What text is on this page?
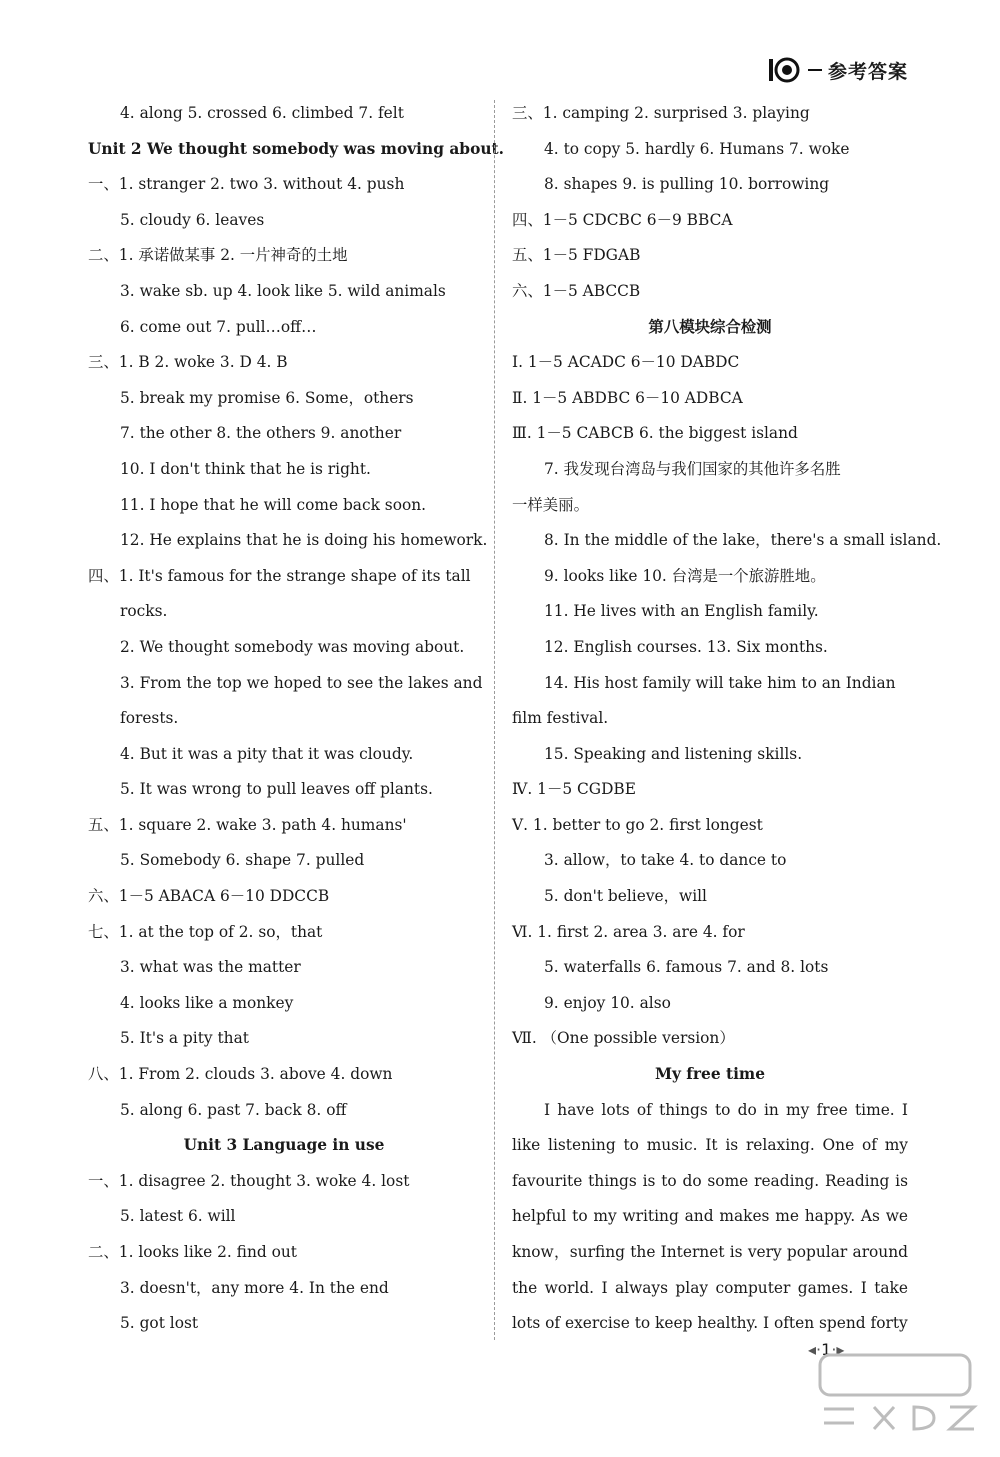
参考答案
4. along 5. crossed 6. climbed 7. felt
Unit 2 We thought somebody was moving about.
一、1. stranger 2. two 3. without 4. push
5. cloudy 6. leaves
二、1. 承诺做某事 2. 一片神奇的土地
3. wake sb. up 4. look like 5. wild animals
6. come out 7. pull…off…
三、1. B 2. woke 3. D 4. B
5. break my promise 6. Some，others
7. the other 8. the others 9. another
10. I don't think that he is right.
11. I hope that he will come back soon.
12. He explains that he is doing his homework.
四、1. It's famous for the strange shape of its tall
rocks.
2. We thought somebody was moving about.
3. From the top we hoped to see the lakes and
forests.
4. But it was a pity that it was cloudy.
5. It was wrong to pull leaves off plants.
五、1. square 2. wake 3. path 4. humans'
5. Somebody 6. shape 7. pulled
六、1－5 ABACA 6－10 DDCCB
七、1. at the top of 2. so，that
3. what was the matter
4. looks like a monkey
5. It's a pity that
八、1. From 2. clouds 3. above 4. down
5. along 6. past 7. back 8. off
Unit 3 Language in use
一、1. disagree 2. thought 3. woke 4. lost
5. latest 6. will
二、1. looks like 2. find out
3. doesn't，any more 4. In the end
5. got lost
三、1. camping 2. surprised 3. playing
4. to copy 5. hardly 6. Humans 7. woke
8. shapes 9. is pulling 10. borrowing
四、1－5 CDCBC 6－9 BBCA
五、1－5 FDGAB
六、1－5 ABCCB
第八模块综合检测
Ⅰ. 1－5 ACADC 6－10 DABDC
Ⅱ. 1－5 ABDBC 6－10 ADBCA
Ⅲ. 1－5 CABCB 6. the biggest island
7. 我发现台湾岛与我们国家的其他许多名胜
一样美丽。
8. In the middle of the lake，there's a small island.
9. looks like 10. 台湾是一个旅游胜地。
11. He lives with an English family.
12. English courses. 13. Six months.
14. His host family will take him to an Indian
film festival.
15. Speaking and listening skills.
Ⅳ. 1－5 CGDBE
Ⅴ. 1. better to go 2. first longest
3. allow，to take 4. to dance to
5. don't believe，will
Ⅵ. 1. first 2. area 3. are 4. for
5. waterfalls 6. famous 7. and 8. lots
9. enjoy 10. also
Ⅶ. （One possible version）
My free time

I have lots of things to do in my free time. I like listening to music. It is relaxing. One of my favourite things is to do some reading. Reading is helpful to my writing and makes me happy. As we know，surfing the Internet is very popular around the world. I always play computer games. I take lots of exercise to keep healthy. I often spend forty

◂·1·▸
